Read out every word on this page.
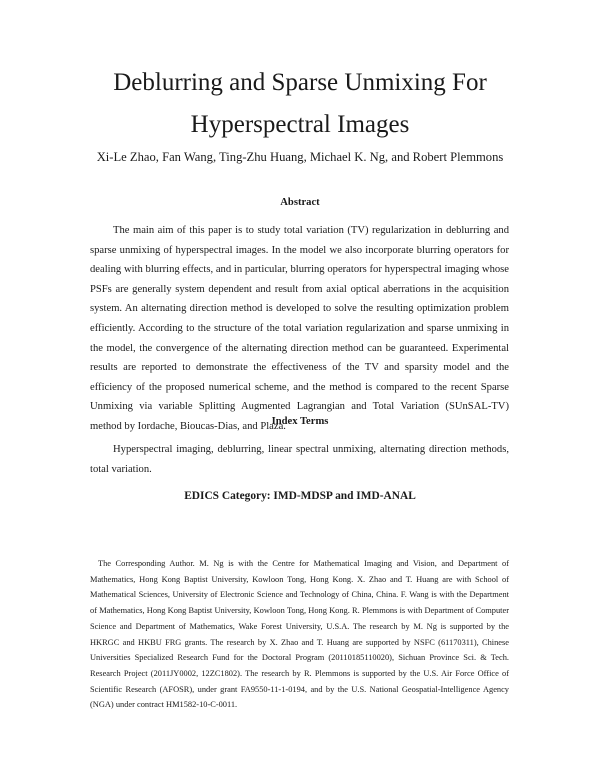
Deblurring and Sparse Unmixing For
Hyperspectral Images
Xi-Le Zhao, Fan Wang, Ting-Zhu Huang, Michael K. Ng, and Robert Plemmons
Abstract

The main aim of this paper is to study total variation (TV) regularization in deblurring and sparse unmixing of hyperspectral images. In the model we also incorporate blurring operators for dealing with blurring effects, and in particular, blurring operators for hyperspectral imaging whose PSFs are generally system dependent and result from axial optical aberrations in the acquisition system. An alternating direction method is developed to solve the resulting optimization problem efficiently. According to the structure of the total variation regularization and sparse unmixing in the model, the convergence of the alternating direction method can be guaranteed. Experimental results are reported to demonstrate the effectiveness of the TV and sparsity model and the efficiency of the proposed numerical scheme, and the method is compared to the recent Sparse Unmixing via variable Splitting Augmented Lagrangian and Total Variation (SUnSAL-TV) method by Iordache, Bioucas-Dias, and Plaza.

Index Terms

Hyperspectral imaging, deblurring, linear spectral unmixing, alternating direction methods, total variation.

EDICS Category: IMD-MDSP and IMD-ANAL

The Corresponding Author. M. Ng is with the Centre for Mathematical Imaging and Vision, and Department of Mathematics, Hong Kong Baptist University, Kowloon Tong, Hong Kong. X. Zhao and T. Huang are with School of Mathematical Sciences, University of Electronic Science and Technology of China, China. F. Wang is with the Department of Mathematics, Hong Kong Baptist University, Kowloon Tong, Hong Kong. R. Plemmons is with Department of Computer Science and Department of Mathematics, Wake Forest University, U.S.A. The research by M. Ng is supported by the HKRGC and HKBU FRG grants. The research by X. Zhao and T. Huang are supported by NSFC (61170311), Chinese Universities Specialized Research Fund for the Doctoral Program (20110185110020), Sichuan Province Sci. & Tech. Research Project (2011JY0002, 12ZC1802). The research by R. Plemmons is supported by the U.S. Air Force Office of Scientific Research (AFOSR), under grant FA9550-11-1-0194, and by the U.S. National Geospatial-Intelligence Agency (NGA) under contract HM1582-10-C-0011.
